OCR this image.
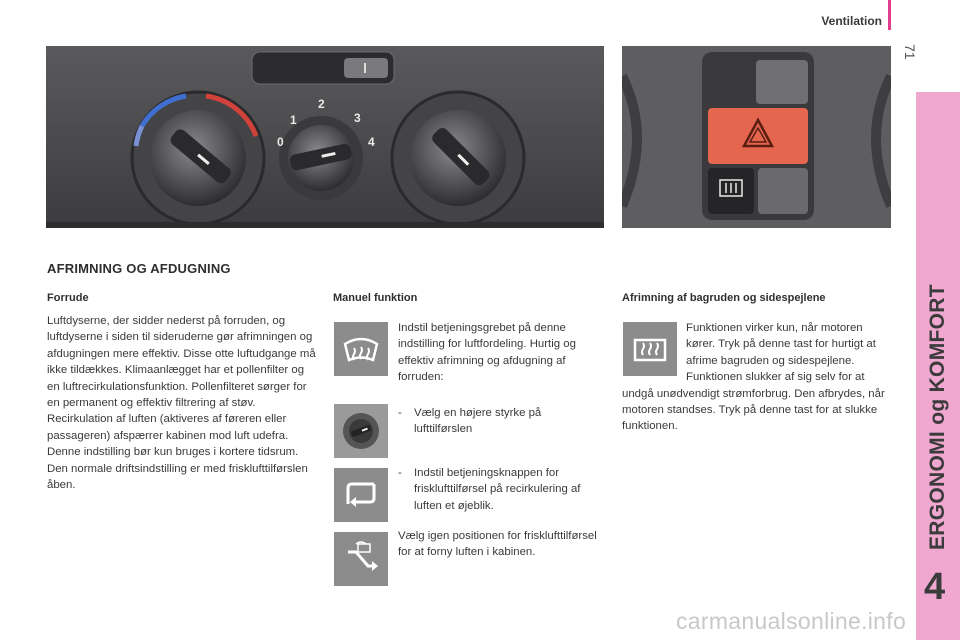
Ventilation
71
ERGONOMI og KOMFORT
4
0
1
2
3
4
AFRIMNING OG AFDUGNING
Forrude
Luftdyserne, der sidder nederst på forruden, og luftdyserne i siden til sideruderne gør afrimningen og afdugningen mere effektiv. Disse otte luftudgange må ikke tildækkes. Klimaanlægget har et pollenfilter og en luftrecirkulationsfunktion. Pollenfilteret sørger for en permanent og effektiv filtrering af støv. Recirkulation af luften (aktiveres af føreren eller passageren) afspærrer kabinen mod luft udefra. Denne indstilling bør kun bruges i kortere tidsrum. Den normale driftsindstilling er med frisklufttilførslen åben.
Manuel funktion
Indstil betjeningsgrebet på denne indstilling for luftfordeling. Hurtig og effektiv afrimning og afdugning af forruden:
- Vælg en højere styrke på lufttilførslen
- Indstil betjeningsknappen for frisklufttilførsel på recirkulering af luften et øjeblik.
Vælg igen positionen for frisklufttilførsel for at forny luften i kabinen.
Afrimning af bagruden og sidespejlene
Funktionen virker kun, når motoren kører. Tryk på denne tast for hurtigt at afrime bagruden og sidespejlene. Funktionen slukker af sig selv for at undgå unødvendigt strømforbrug. Den afbrydes, når motoren standses. Tryk på denne tast for at slukke funktionen.
carmanualsonline.info
